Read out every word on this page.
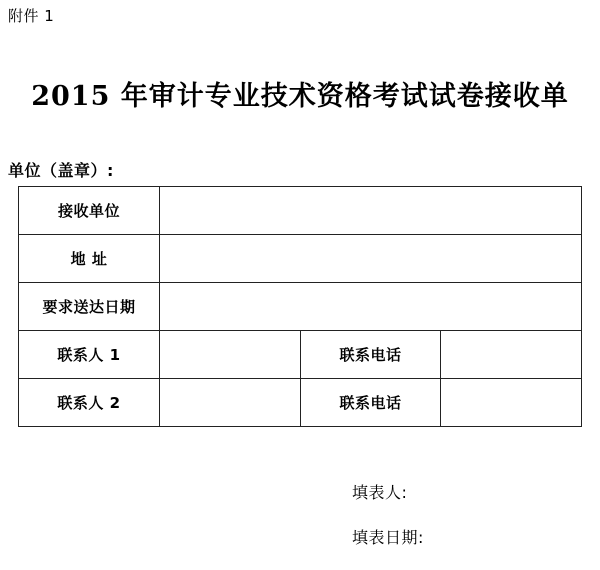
附件 1
2015 年审计专业技术资格考试试卷接收单
单位（盖章）:
接收单位			
地 址			
要求送达日期			
联系人 1		联系电话	
联系人 2		联系电话	
填表人:
填表日期:
